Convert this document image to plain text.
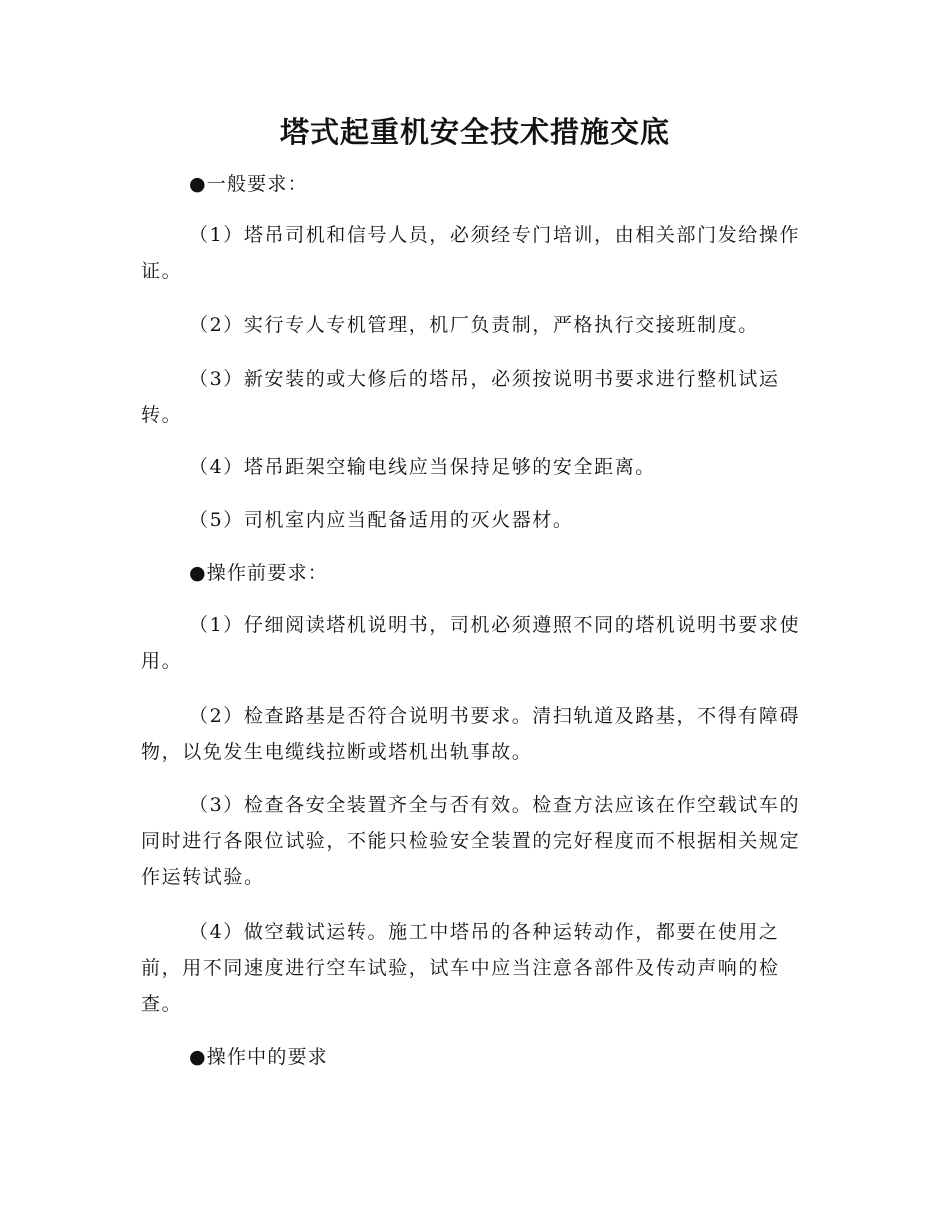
塔式起重机安全技术措施交底

●一般要求：

（1）塔吊司机和信号人员，必须经专门培训，由相关部门发给操作证。

（2）实行专人专机管理，机厂负责制，严格执行交接班制度。

（3）新安装的或大修后的塔吊，必须按说明书要求进行整机试运转。

（4）塔吊距架空输电线应当保持足够的安全距离。

（5）司机室内应当配备适用的灭火器材。

●操作前要求：

（1）仔细阅读塔机说明书，司机必须遵照不同的塔机说明书要求使用。

（2）检查路基是否符合说明书要求。清扫轨道及路基，不得有障碍物，以免发生电缆线拉断或塔机出轨事故。

（3）检查各安全装置齐全与否有效。检查方法应该在作空载试车的同时进行各限位试验，不能只检验安全装置的完好程度而不根据相关规定作运转试验。

（4）做空载试运转。施工中塔吊的各种运转动作，都要在使用之前，用不同速度进行空车试验，试车中应当注意各部件及传动声响的检查。

●操作中的要求
